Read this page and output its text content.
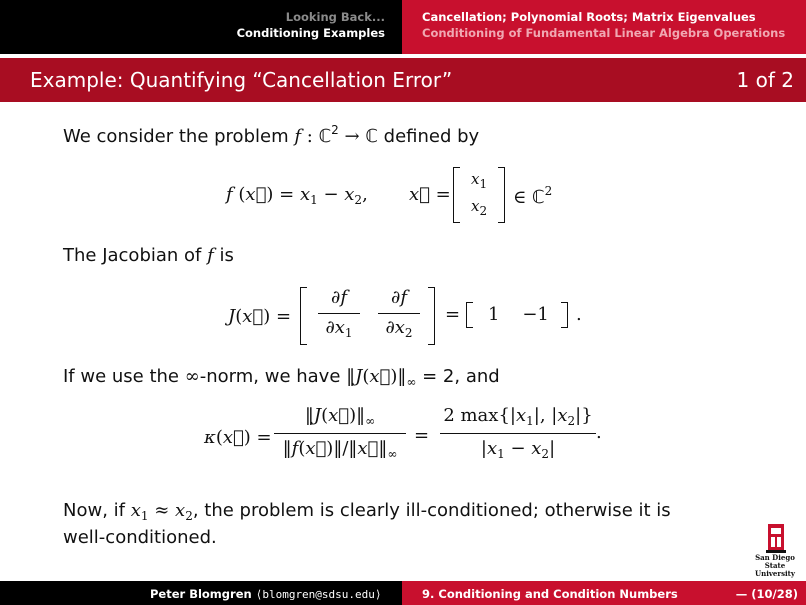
Looking Back...
Conditioning Examples
Cancellation; Polynomial Roots; Matrix Eigenvalues
Conditioning of Fundamental Linear Algebra Operations
Example: Quantifying “Cancellation Error”	1 of 2
We consider the problem f : ℂ$^2$ → ℂ defined by
f (x⃗) = $x_1 - x_2$, x⃗ =
$x_1$
$x_2$
∈ ℂ$^2$
The Jacobian of f is
J(x⃗) =
∂f
$\partial x_1$
∂f
$\partial x_2$
= 1    −1 .
If we use the ∞-norm, we have $‖J(x⃗)‖_\infty = 2$, and
κ(x⃗) =
$‖J(x⃗)‖_\infty$
$‖f(x⃗)‖/‖x⃗‖_\infty$
=
2 $\max\{|x_1|$, $|x_2|$}
$|x_1 - x_2|$
.
Now, if $x_1 \approx x_2$, the problem is clearly ill-conditioned; otherwise it is
well-conditioned.
San Diego State
University
Peter Blomgren ⟨blomgren@sdsu.edu⟩	9. Conditioning and Condition Numbers	— (10/28)
